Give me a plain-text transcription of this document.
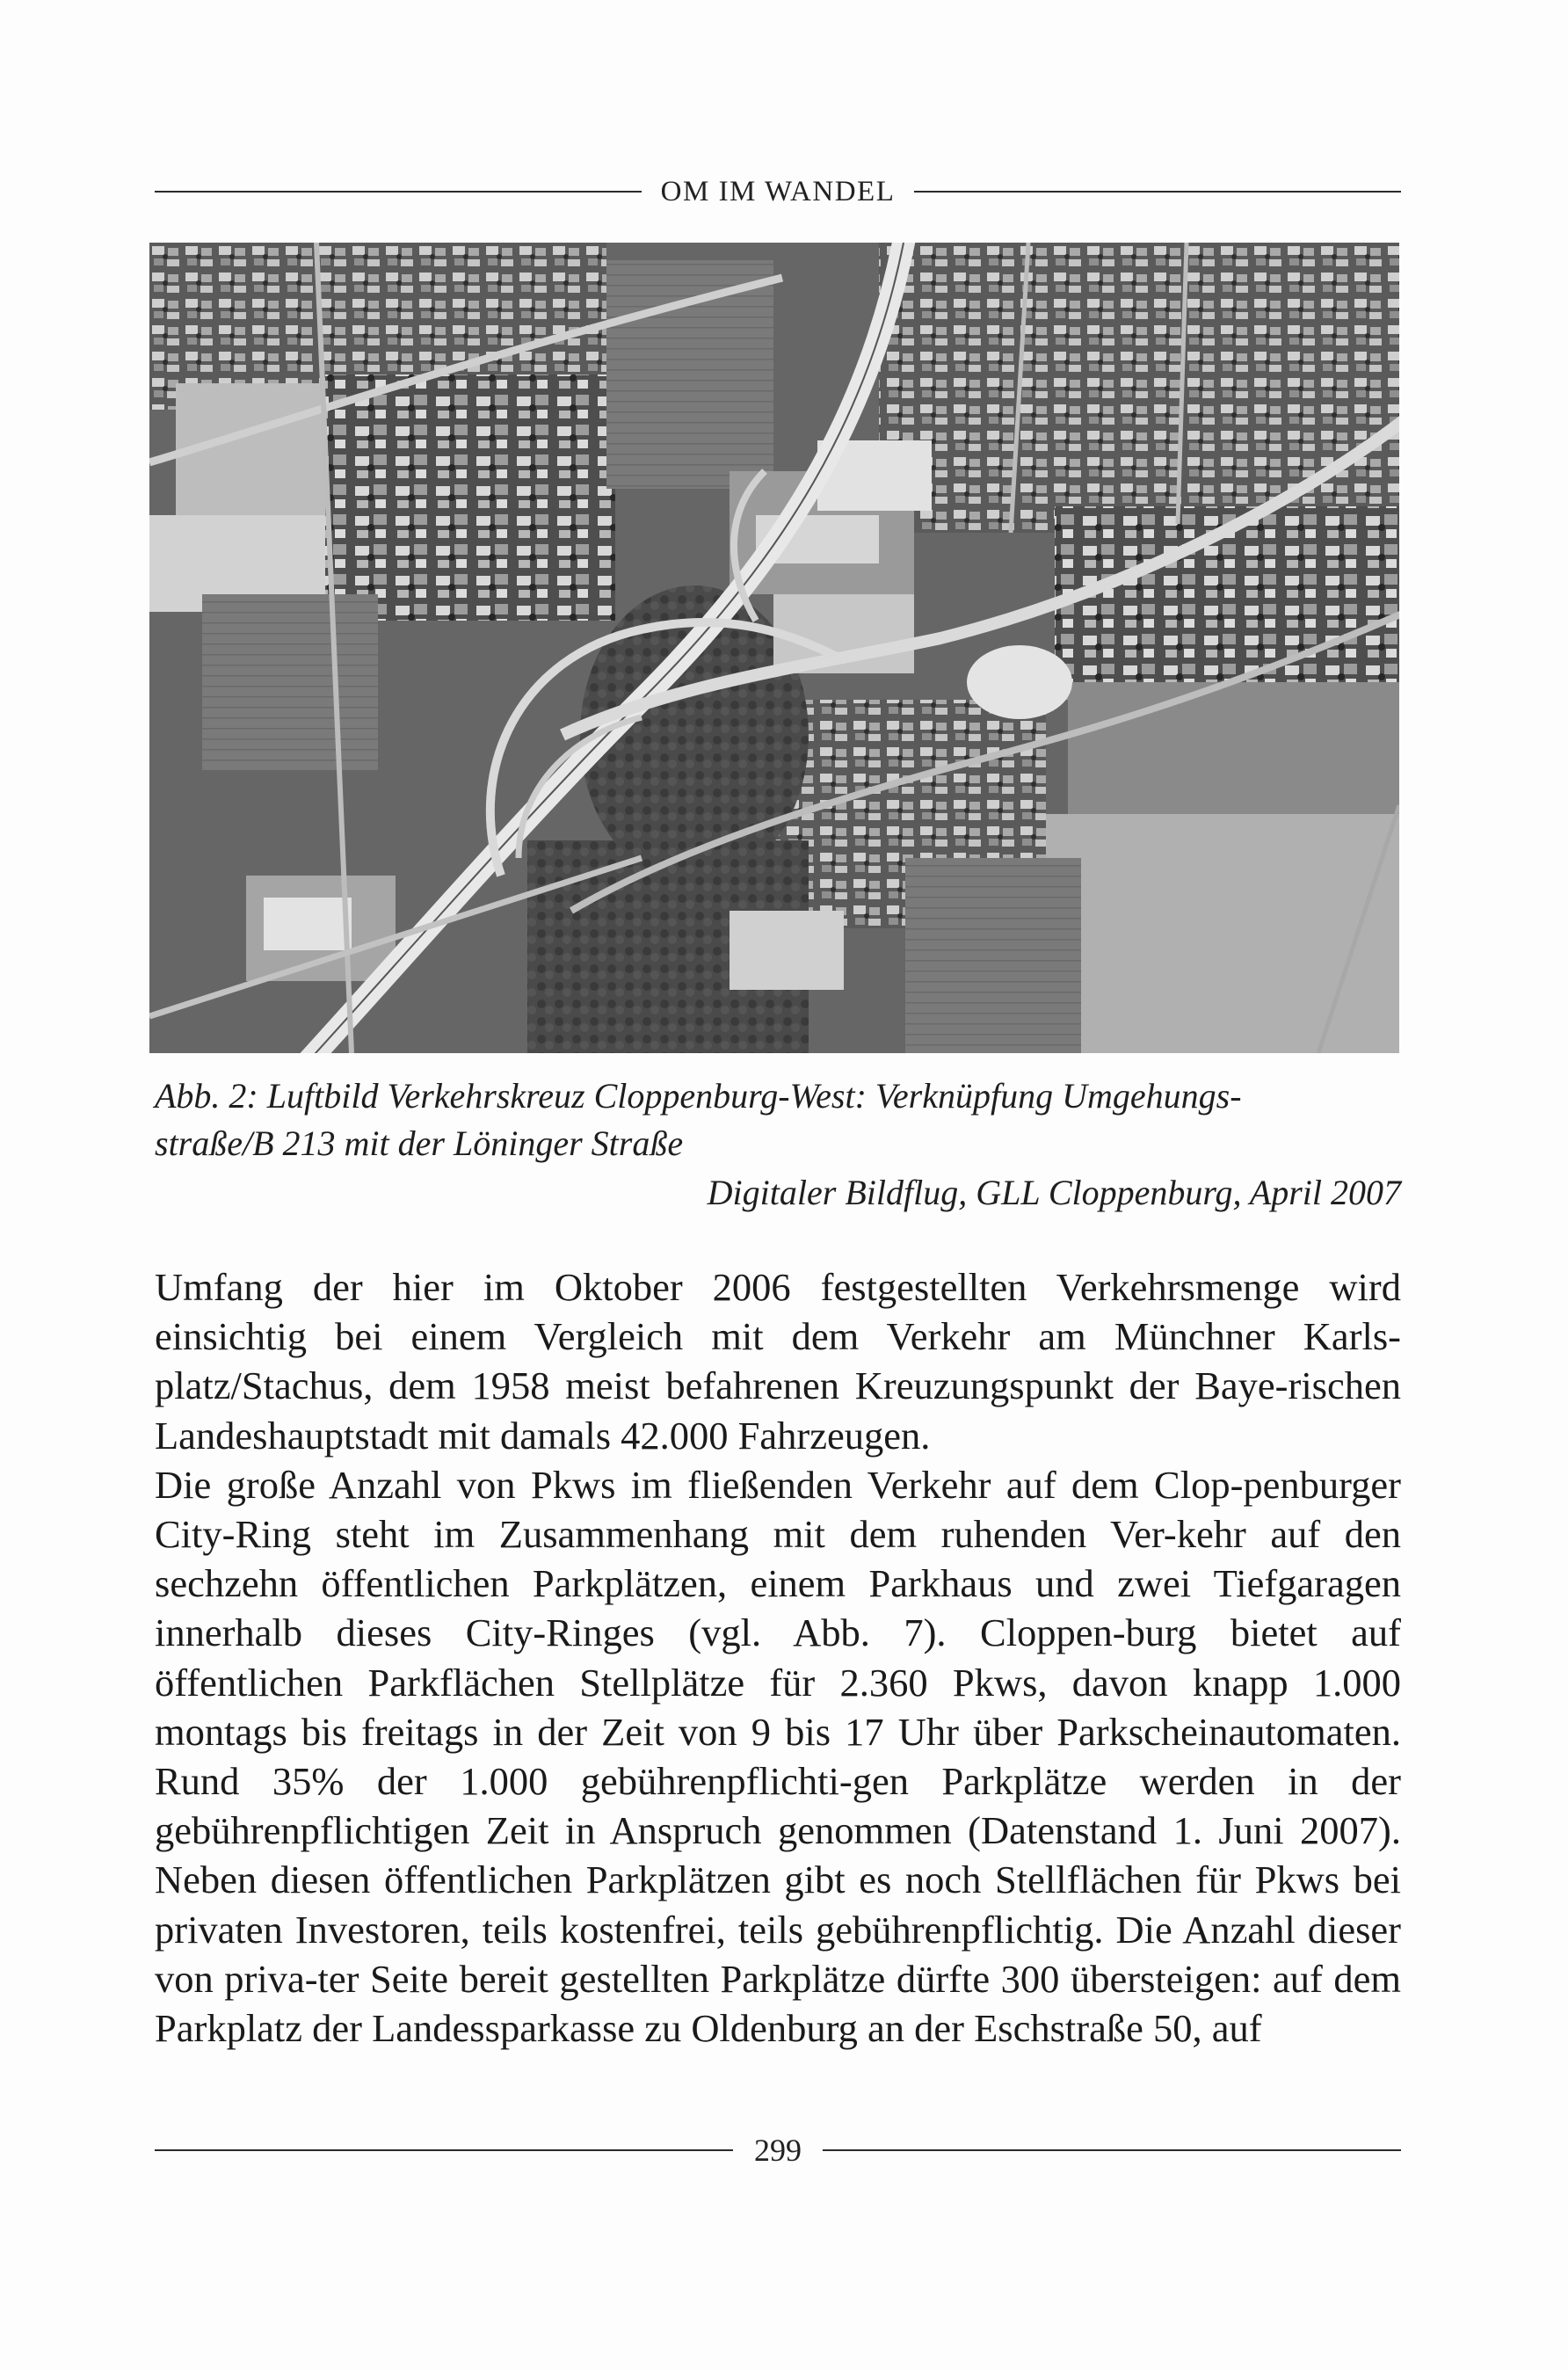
OM IM WANDEL

Abb. 2: Luftbild Verkehrskreuz Cloppenburg-West: Verknüpfung Umgehungs-

straße/B 213 mit der Löninger Straße

Digitaler Bildflug, GLL Cloppenburg, April 2007

Umfang der hier im Oktober 2006 festgestellten Verkehrsmenge wird einsichtig bei einem Vergleich mit dem Verkehr am Münchner Karls-platz/Stachus, dem 1958 meist befahrenen Kreuzungspunkt der Baye-rischen Landeshauptstadt mit damals 42.000 Fahrzeugen.

Die große Anzahl von Pkws im fließenden Verkehr auf dem Clop-penburger City-Ring steht im Zusammenhang mit dem ruhenden Ver-kehr auf den sechzehn öffentlichen Parkplätzen, einem Parkhaus und zwei Tiefgaragen innerhalb dieses City-Ringes (vgl. Abb. 7). Cloppen-burg bietet auf öffentlichen Parkflächen Stellplätze für 2.360 Pkws, davon knapp 1.000 montags bis freitags in der Zeit von 9 bis 17 Uhr über Parkscheinautomaten. Rund 35% der 1.000 gebührenpflichti-gen Parkplätze werden in der gebührenpflichtigen Zeit in Anspruch genommen (Datenstand 1. Juni 2007). Neben diesen öffentlichen Parkplätzen gibt es noch Stellflächen für Pkws bei privaten Investoren, teils kostenfrei, teils gebührenpflichtig. Die Anzahl dieser von priva-ter Seite bereit gestellten Parkplätze dürfte 300 übersteigen: auf dem Parkplatz der Landessparkasse zu Oldenburg an der Eschstraße 50, auf

299
